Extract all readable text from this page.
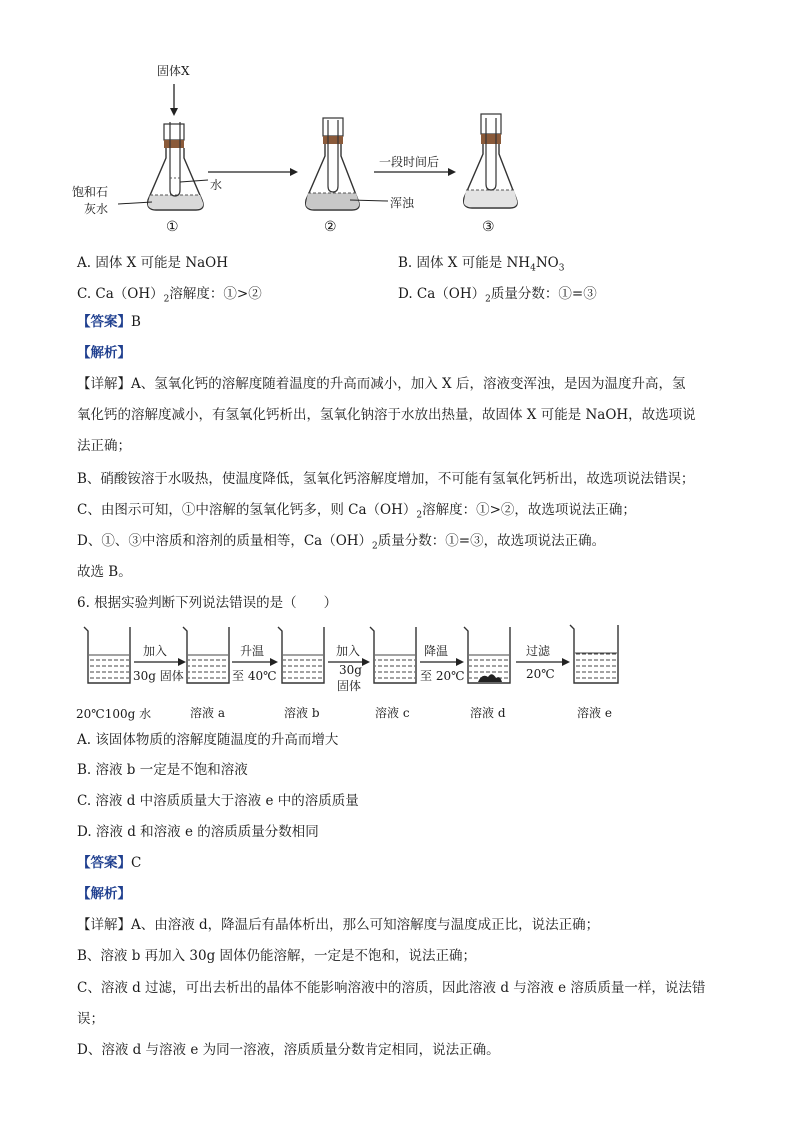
固体X
水
饱和石
灰水
一段时间后
浑浊
①	②	③
A. 固体 X 可能是 NaOH	B. 固体 X 可能是 $NH_4NO_3$
C. $Ca(OH)_2$溶解度：①>②	D. $Ca(OH)_2$质量分数：①=③
【答案】B
【解析】
【详解】A、氢氧化钙的溶解度随着温度的升高而减小，加入 X 后，溶液变浑浊，是因为温度升高，氢
氧化钙的溶解度减小，有氢氧化钙析出，氢氧化钠溶于水放出热量，故固体 X 可能是 NaOH，故选项说
法正确；
B、硝酸铵溶于水吸热，使温度降低，氢氧化钙溶解度增加，不可能有氢氧化钙析出，故选项说法错误；
C、由图示可知，①中溶解的氢氧化钙多，则 $Ca(OH)_2$溶解度：①>②，故选项说法正确；
D、①、③中溶质和溶剂的质量相等，$Ca(OH)_2$质量分数：①=③，故选项说法正确。
故选 B。
6. 根据实验判断下列说法错误的是（　　）
加入
30g 固体
升温
至 40℃
加入
30g
固体
降温
至 20℃
过滤
20℃
20℃100g 水	溶液 a	溶液 b	溶液 c	溶液 d	溶液 e
A. 该固体物质的溶解度随温度的升高而增大
B. 溶液 b 一定是不饱和溶液
C. 溶液 d 中溶质质量大于溶液 e 中的溶质质量
D. 溶液 d 和溶液 e 的溶质质量分数相同
【答案】C
【解析】
【详解】A、由溶液 d，降温后有晶体析出，那么可知溶解度与温度成正比，说法正确；
B、溶液 b 再加入 30g 固体仍能溶解，一定是不饱和，说法正确；
C、溶液 d 过滤，可出去析出的晶体不能影响溶液中的溶质，因此溶液 d 与溶液 e 溶质质量一样，说法错
误；
D、溶液 d 与溶液 e 为同一溶液，溶质质量分数肯定相同，说法正确。
